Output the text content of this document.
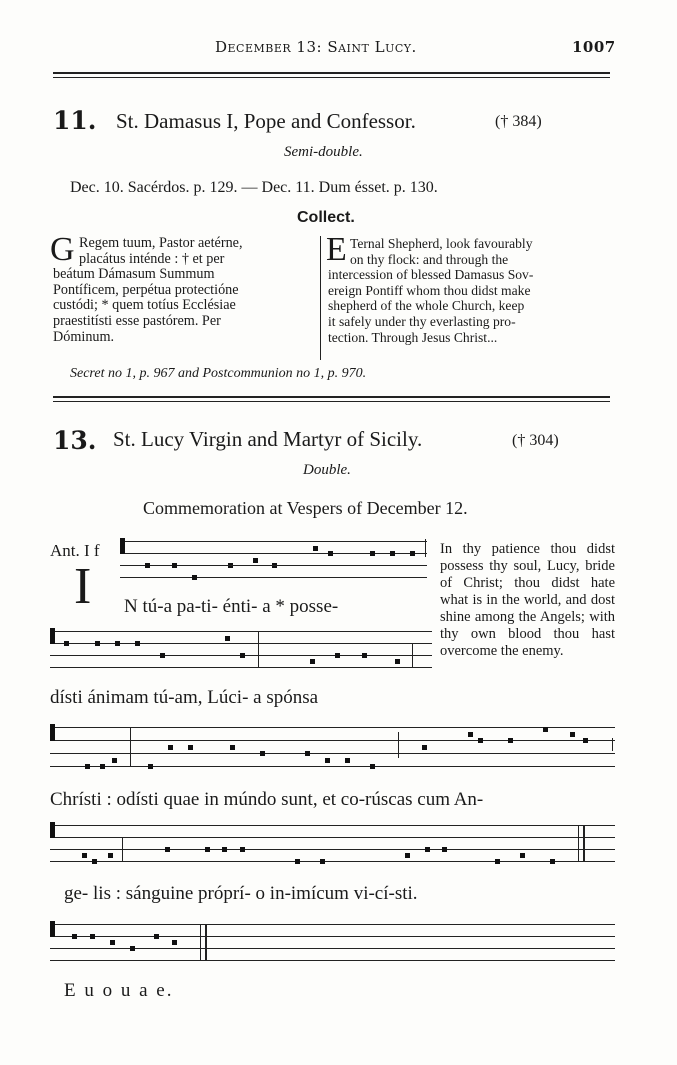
December 13: Saint Lucy.	1007
11. St. Damasus I, Pope and Confessor.	(† 384)
Semi-double.
Dec. 10. Sacérdos. p. 129. — Dec. 11. Dum ésset. p. 130.
Collect.
G Regem tuum, Pastor aetérne,
placátus inténde : † et per
beátum Dámasum Summum
Pontíficem, perpétua protectióne
custódi; * quem totíus Ecclésiae
praestitísti esse pastórem. Per
Dóminum.
E Ternal Shepherd, look favourably
on thy flock: and through the
intercession of blessed Damasus Sov-
ereign Pontiff whom thou didst make
shepherd of the whole Church, keep
it safely under thy everlasting pro-
tection. Through Jesus Christ...
Secret no 1, p. 967 and Postcommunion no 1, p. 970.
13. St. Lucy Virgin and Martyr of Sicily.	(† 304)
Double.
Commemoration at Vespers of December 12.
Ant. I f
I N tú-a pa-ti- énti- a * posse-
In thy patience thou didst possess thy soul, Lucy, bride of Christ; thou didst hate what is in the world, and dost shine among the Angels; with thy own blood thou hast overcome the enemy.
dísti ánimam tú-am, Lúci- a spónsa
Chrísti : odísti quae in múndo sunt, et co-rúscas cum An-
ge- lis : sánguine próprí- o in-imícum vi-cí-sti.
E u o u a e.
